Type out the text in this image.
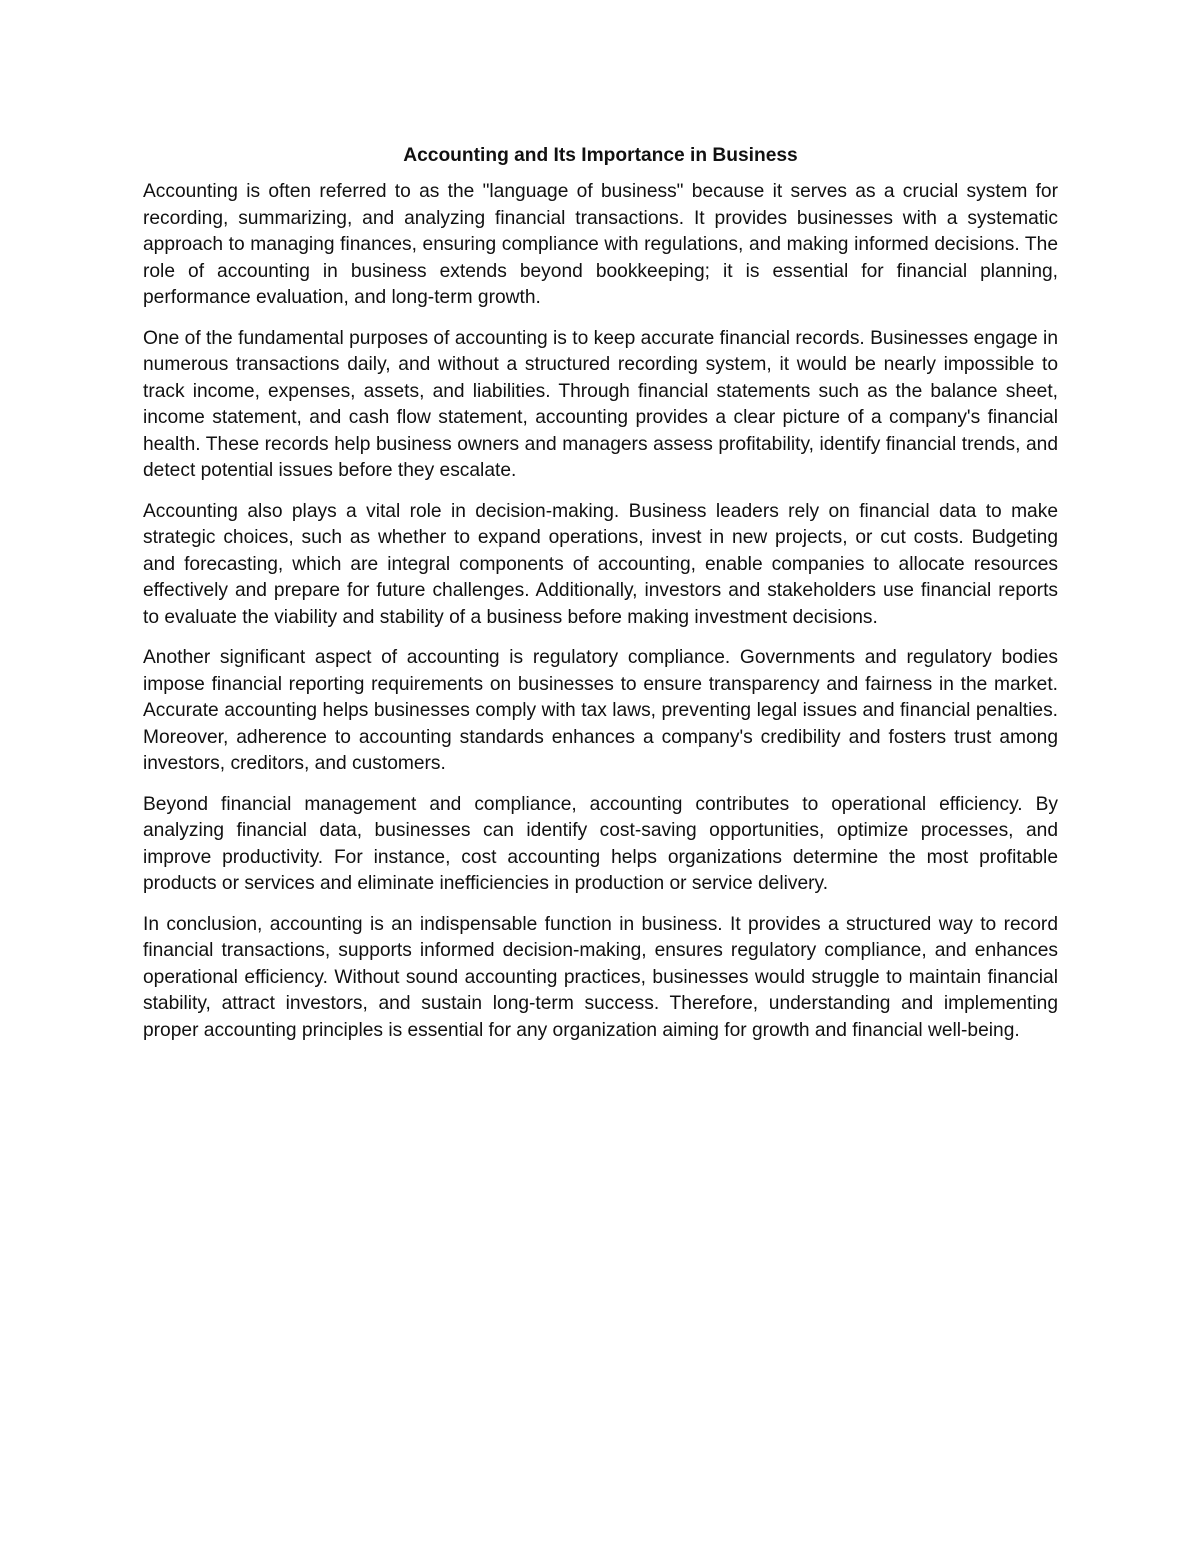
Accounting and Its Importance in Business

Accounting is often referred to as the "language of business" because it serves as a crucial system for recording, summarizing, and analyzing financial transactions. It provides businesses with a systematic approach to managing finances, ensuring compliance with regulations, and making informed decisions. The role of accounting in business extends beyond bookkeeping; it is essential for financial planning, performance evaluation, and long-term growth.

One of the fundamental purposes of accounting is to keep accurate financial records. Businesses engage in numerous transactions daily, and without a structured recording system, it would be nearly impossible to track income, expenses, assets, and liabilities. Through financial statements such as the balance sheet, income statement, and cash flow statement, accounting provides a clear picture of a company's financial health. These records help business owners and managers assess profitability, identify financial trends, and detect potential issues before they escalate.

Accounting also plays a vital role in decision-making. Business leaders rely on financial data to make strategic choices, such as whether to expand operations, invest in new projects, or cut costs. Budgeting and forecasting, which are integral components of accounting, enable companies to allocate resources effectively and prepare for future challenges. Additionally, investors and stakeholders use financial reports to evaluate the viability and stability of a business before making investment decisions.

Another significant aspect of accounting is regulatory compliance. Governments and regulatory bodies impose financial reporting requirements on businesses to ensure transparency and fairness in the market. Accurate accounting helps businesses comply with tax laws, preventing legal issues and financial penalties. Moreover, adherence to accounting standards enhances a company's credibility and fosters trust among investors, creditors, and customers.

Beyond financial management and compliance, accounting contributes to operational efficiency. By analyzing financial data, businesses can identify cost-saving opportunities, optimize processes, and improve productivity. For instance, cost accounting helps organizations determine the most profitable products or services and eliminate inefficiencies in production or service delivery.

In conclusion, accounting is an indispensable function in business. It provides a structured way to record financial transactions, supports informed decision-making, ensures regulatory compliance, and enhances operational efficiency. Without sound accounting practices, businesses would struggle to maintain financial stability, attract investors, and sustain long-term success. Therefore, understanding and implementing proper accounting principles is essential for any organization aiming for growth and financial well-being.
